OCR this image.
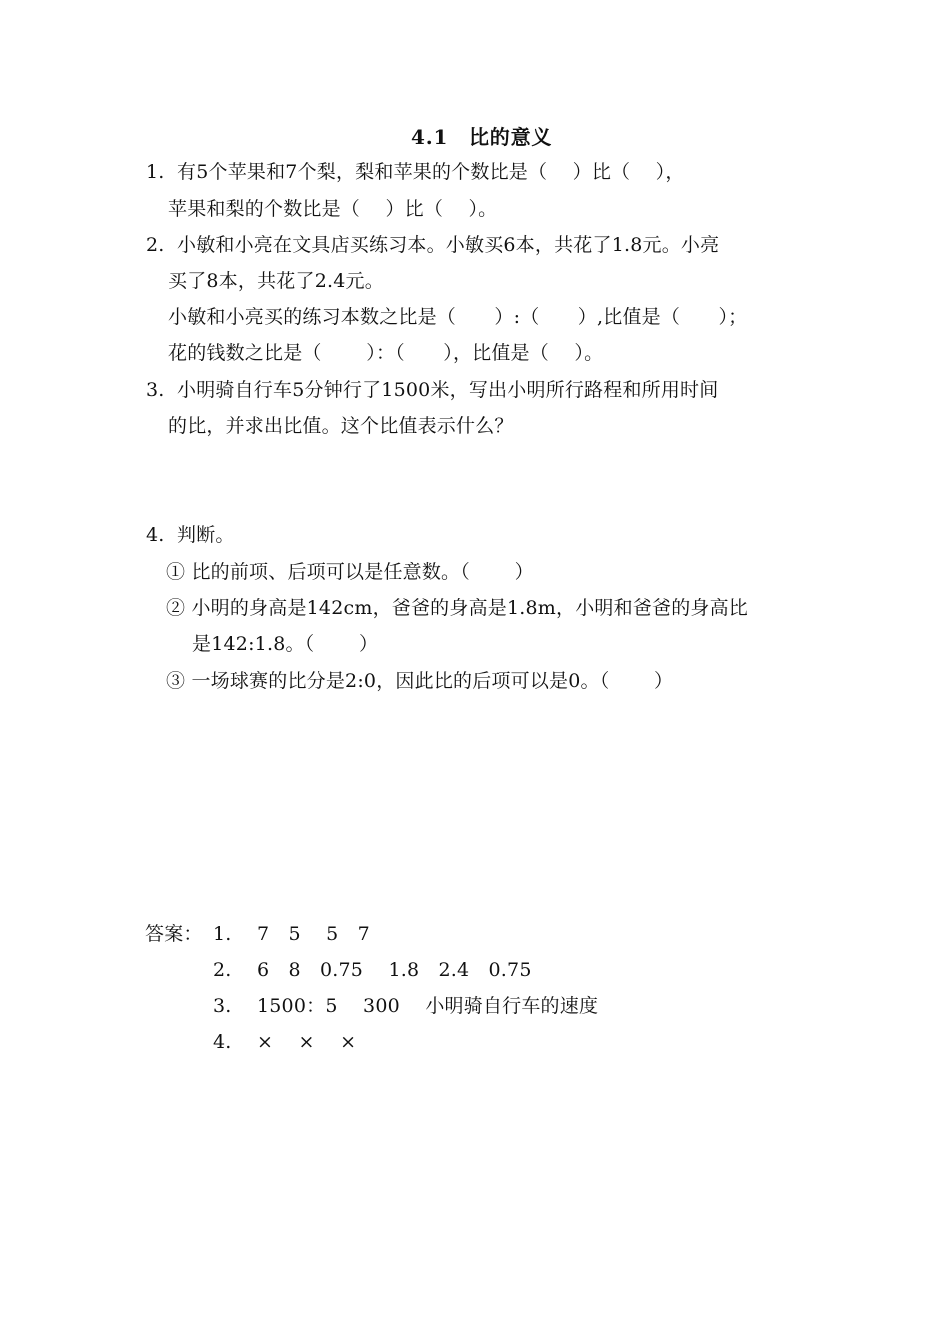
4.1　比的意义
1.  有5个苹果和7个梨，梨和苹果的个数比是（　 ）比（　 ），
苹果和梨的个数比是（　 ）比（　 ）。
2.  小敏和小亮在文具店买练习本。小敏买6本，共花了1.8元。小亮
买了8本，共花了2.4元。
小敏和小亮买的练习本数之比是（　　）:（　　）,比值是（　　）；
花的钱数之比是（　　 ）：（　　），比值是（　 ）。
3.  小明骑自行车5分钟行了1500米，写出小明所行路程和所用时间
的比，并求出比值。这个比值表示什么？
4.  判断。
① 比的前项、后项可以是任意数。（　　 ）
② 小明的身高是142cm，爸爸的身高是1.8m，小明和爸爸的身高比
是142:1.8。（　　 ）
③ 一场球赛的比分是2:0，因此比的后项可以是0。（　　 ）
答案： 1.　 7　5　 5　7
2.　 6　8　0.75　 1.8　2.4　0.75
3.　 1500：5　 300　 小明骑自行车的速度
4.　 ×　 ×　 ×
